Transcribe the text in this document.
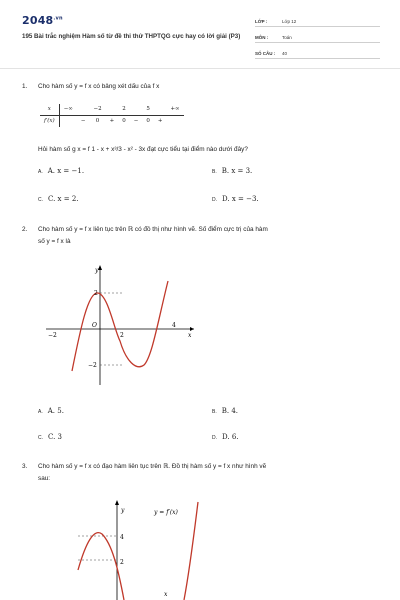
$2048^{.vn}$
195 Bài trắc nghiệm Hàm số từ đề thi thử THPTQG cực hay có lời giải (P3)
LỚP :	Lớp 12
MÔN :	Toán
SỐ CÂU :	40
1.	Cho hàm số y = f x có bảng xét dấu của f x
x	−∞		−2		2		5		+∞
f′(x)		−	0	+	0	−	0	+	
Hỏi hàm số g x = f 1 - x + x³/3 - x² - 3x đạt cực tiểu tại điểm nào dưới đây?
A. A. x = −1.	B. B. x = 3.
C. C. x = 2.	D. D. x = −3.
2.	Cho hàm số y = f x liên tục trên ℝ có đồ thị như hình vẽ. Số điểm cực trị của hàm
số y = f x là
y
x
O
2
−2
−2	2
4
A. A. 5.	B. B. 4.
C. C. 3	D. D. 6.
3.	Cho hàm số y = f x có đạo hàm liên tục trên ℝ. Đồ thị hàm số y = f x như hình vẽ
sau:
y	y = f′(x)
4
2
x
